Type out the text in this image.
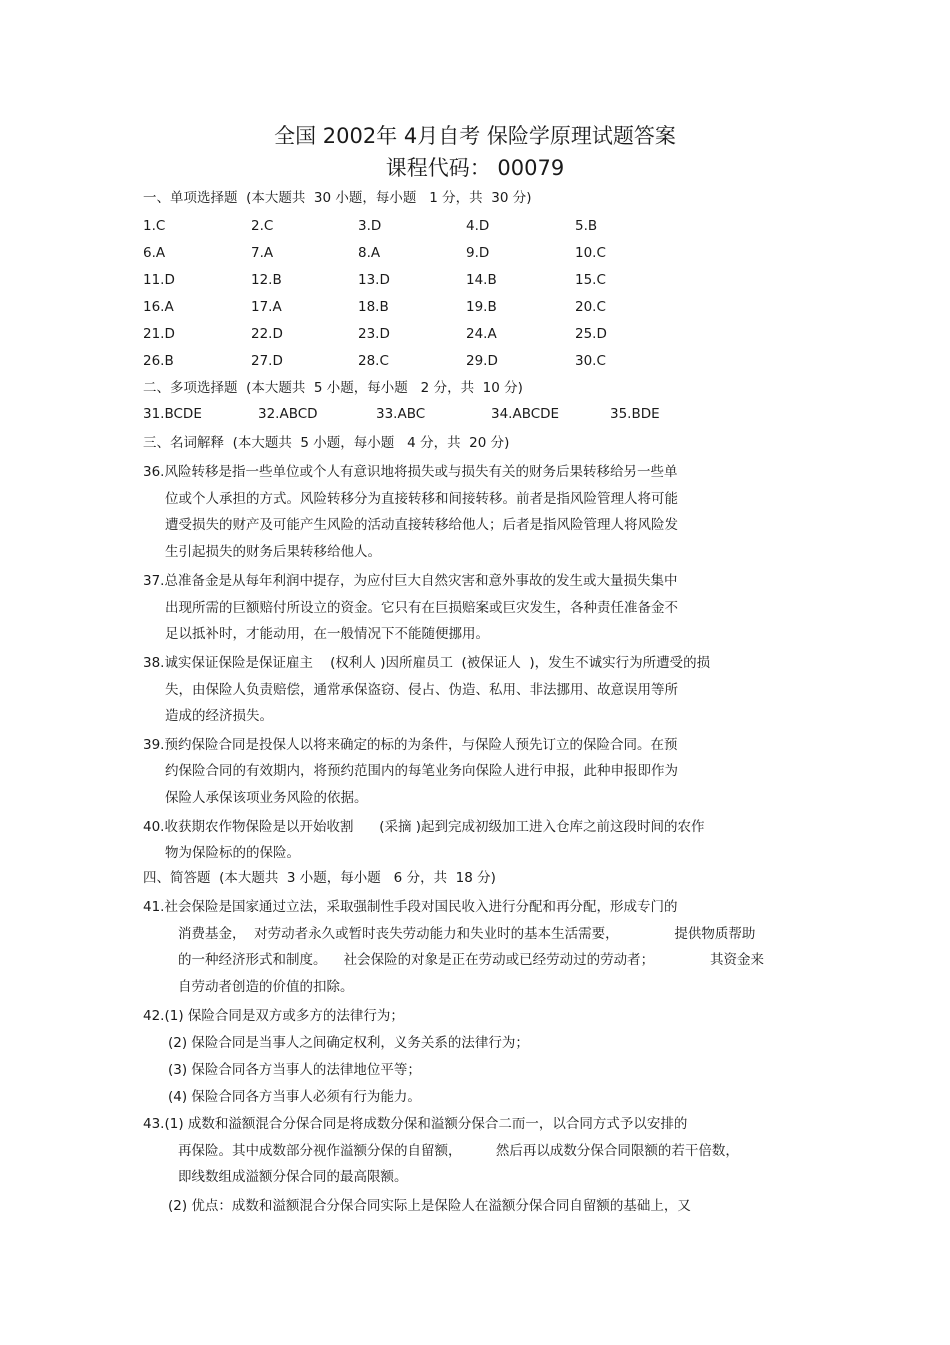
全国 2002年 4月自考 保险学原理试题答案
课程代码： 00079
一、单项选择题  (本大题共  30 小题，每小题   1 分，共  30 分)
1.C	2.C	3.D	4.D	5.B
6.A	7.A	8.A	9.D	10.C
11.D	12.B	13.D	14.B	15.C
16.A	17.A	18.B	19.B	20.C
21.D	22.D	23.D	24.A	25.D
26.B	27.D	28.C	29.D	30.C
二、多项选择题  (本大题共  5 小题，每小题   2 分，共  10 分)
31.BCDE	32.ABCD	33.ABC	34.ABCDE	35.BDE
三、名词解释  (本大题共  5 小题，每小题   4 分，共  20 分)
36.风险转移是指一些单位或个人有意识地将损失或与损失有关的财务后果转移给另一些单
位或个人承担的方式。风险转移分为直接转移和间接转移。前者是指风险管理人将可能
遭受损失的财产及可能产生风险的活动直接转移给他人；后者是指风险管理人将风险发
生引起损失的财务后果转移给他人。
37.总准备金是从每年利润中提存，为应付巨大自然灾害和意外事故的发生或大量损失集中
出现所需的巨额赔付所设立的资金。它只有在巨损赔案或巨灾发生，各种责任准备金不
足以抵补时，才能动用，在一般情况下不能随便挪用。
38.诚实保证保险是保证雇主    (权利人 )因所雇员工  (被保证人  )，发生不诚实行为所遭受的损
失，由保险人负责赔偿，通常承保盗窃、侵占、伪造、私用、非法挪用、故意误用等所
造成的经济损失。
39.预约保险合同是投保人以将来确定的标的为条件，与保险人预先订立的保险合同。在预
约保险合同的有效期内，将预约范围内的每笔业务向保险人进行申报，此种申报即作为
保险人承保该项业务风险的依据。
40.收获期农作物保险是以开始收割      (采摘 )起到完成初级加工进入仓库之前这段时间的农作
物为保险标的的保险。
四、简答题  (本大题共  3 小题，每小题   6 分，共  18 分)
41.社会保险是国家通过立法，采取强制性手段对国民收入进行分配和再分配，形成专门的
消费基金，  对劳动者永久或暂时丧失劳动能力和失业时的基本生活需要，             提供物质帮助
的一种经济形式和制度。    社会保险的对象是正在劳动或已经劳动过的劳动者；             其资金来
自劳动者创造的价值的扣除。
42.(1) 保险合同是双方或多方的法律行为；
(2) 保险合同是当事人之间确定权利，义务关系的法律行为；
(3) 保险合同各方当事人的法律地位平等；
(4) 保险合同各方当事人必须有行为能力。
43.(1) 成数和溢额混合分保合同是将成数分保和溢额分保合二而一，以合同方式予以安排的
再保险。其中成数部分视作溢额分保的自留额，        然后再以成数分保合同限额的若干倍数，
即线数组成溢额分保合同的最高限额。
(2) 优点：成数和溢额混合分保合同实际上是保险人在溢额分保合同自留额的基础上，又
